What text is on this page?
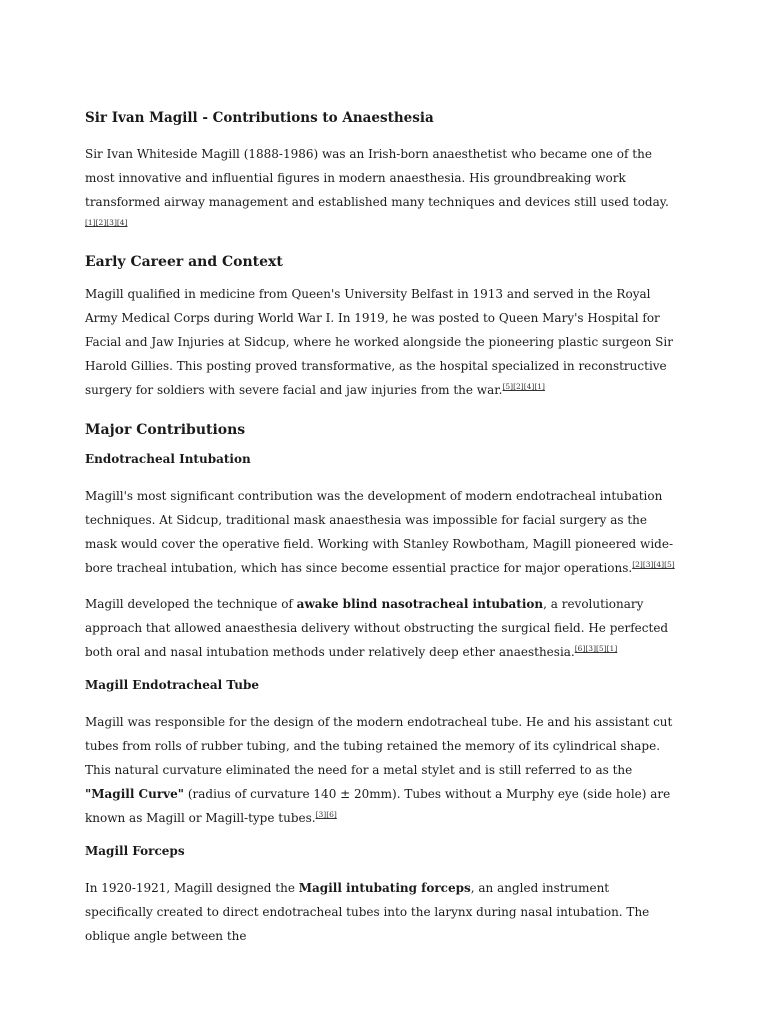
Sir Ivan Magill - Contributions to Anaesthesia

Sir Ivan Whiteside Magill (1888-1986) was an Irish-born anaesthetist who became one of the most innovative and influential figures in modern anaesthesia. His groundbreaking work transformed airway management and established many techniques and devices still used today.[1][2][3][4]

Early Career and Context

Magill qualified in medicine from Queen's University Belfast in 1913 and served in the Royal Army Medical Corps during World War I. In 1919, he was posted to Queen Mary's Hospital for Facial and Jaw Injuries at Sidcup, where he worked alongside the pioneering plastic surgeon Sir Harold Gillies. This posting proved transformative, as the hospital specialized in reconstructive surgery for soldiers with severe facial and jaw injuries from the war.[5][2][4][1]

Major Contributions
Endotracheal Intubation

Magill's most significant contribution was the development of modern endotracheal intubation techniques. At Sidcup, traditional mask anaesthesia was impossible for facial surgery as the mask would cover the operative field. Working with Stanley Rowbotham, Magill pioneered wide-bore tracheal intubation, which has since become essential practice for major operations.[2][3][4][5]

Magill developed the technique of awake blind nasotracheal intubation, a revolutionary approach that allowed anaesthesia delivery without obstructing the surgical field. He perfected both oral and nasal intubation methods under relatively deep ether anaesthesia.[6][3][5][1]

Magill Endotracheal Tube

Magill was responsible for the design of the modern endotracheal tube. He and his assistant cut tubes from rolls of rubber tubing, and the tubing retained the memory of its cylindrical shape. This natural curvature eliminated the need for a metal stylet and is still referred to as the "Magill Curve" (radius of curvature 140 ± 20mm). Tubes without a Murphy eye (side hole) are known as Magill or Magill-type tubes.[3][6]

Magill Forceps

In 1920-1921, Magill designed the Magill intubating forceps, an angled instrument specifically created to direct endotracheal tubes into the larynx during nasal intubation. The oblique angle between the
